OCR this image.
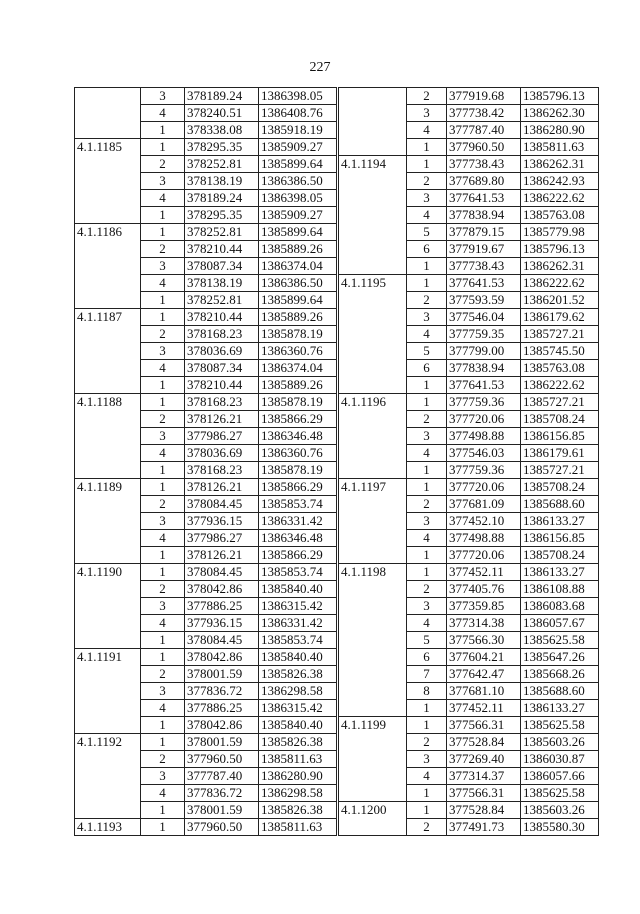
227
	3	378189.24	1386398.05
	4	378240.51	1386408.76
	1	378338.08	1385918.19
4.1.1185	1	378295.35	1385909.27
	2	378252.81	1385899.64
	3	378138.19	1386386.50
	4	378189.24	1386398.05
	1	378295.35	1385909.27
4.1.1186	1	378252.81	1385899.64
	2	378210.44	1385889.26
	3	378087.34	1386374.04
	4	378138.19	1386386.50
	1	378252.81	1385899.64
4.1.1187	1	378210.44	1385889.26
	2	378168.23	1385878.19
	3	378036.69	1386360.76
	4	378087.34	1386374.04
	1	378210.44	1385889.26
4.1.1188	1	378168.23	1385878.19
	2	378126.21	1385866.29
	3	377986.27	1386346.48
	4	378036.69	1386360.76
	1	378168.23	1385878.19
4.1.1189	1	378126.21	1385866.29
	2	378084.45	1385853.74
	3	377936.15	1386331.42
	4	377986.27	1386346.48
	1	378126.21	1385866.29
4.1.1190	1	378084.45	1385853.74
	2	378042.86	1385840.40
	3	377886.25	1386315.42
	4	377936.15	1386331.42
	1	378084.45	1385853.74
4.1.1191	1	378042.86	1385840.40
	2	378001.59	1385826.38
	3	377836.72	1386298.58
	4	377886.25	1386315.42
	1	378042.86	1385840.40
4.1.1192	1	378001.59	1385826.38
	2	377960.50	1385811.63
	3	377787.40	1386280.90
	4	377836.72	1386298.58
	1	378001.59	1385826.38
4.1.1193	1	377960.50	1385811.63
	2	377919.68	1385796.13
	3	377738.42	1386262.30
	4	377787.40	1386280.90
	1	377960.50	1385811.63
4.1.1194	1	377738.43	1386262.31
	2	377689.80	1386242.93
	3	377641.53	1386222.62
	4	377838.94	1385763.08
	5	377879.15	1385779.98
	6	377919.67	1385796.13
	1	377738.43	1386262.31
4.1.1195	1	377641.53	1386222.62
	2	377593.59	1386201.52
	3	377546.04	1386179.62
	4	377759.35	1385727.21
	5	377799.00	1385745.50
	6	377838.94	1385763.08
	1	377641.53	1386222.62
4.1.1196	1	377759.36	1385727.21
	2	377720.06	1385708.24
	3	377498.88	1386156.85
	4	377546.03	1386179.61
	1	377759.36	1385727.21
4.1.1197	1	377720.06	1385708.24
	2	377681.09	1385688.60
	3	377452.10	1386133.27
	4	377498.88	1386156.85
	1	377720.06	1385708.24
4.1.1198	1	377452.11	1386133.27
	2	377405.76	1386108.88
	3	377359.85	1386083.68
	4	377314.38	1386057.67
	5	377566.30	1385625.58
	6	377604.21	1385647.26
	7	377642.47	1385668.26
	8	377681.10	1385688.60
	1	377452.11	1386133.27
4.1.1199	1	377566.31	1385625.58
	2	377528.84	1385603.26
	3	377269.40	1386030.87
	4	377314.37	1386057.66
	1	377566.31	1385625.58
4.1.1200	1	377528.84	1385603.26
	2	377491.73	1385580.30
